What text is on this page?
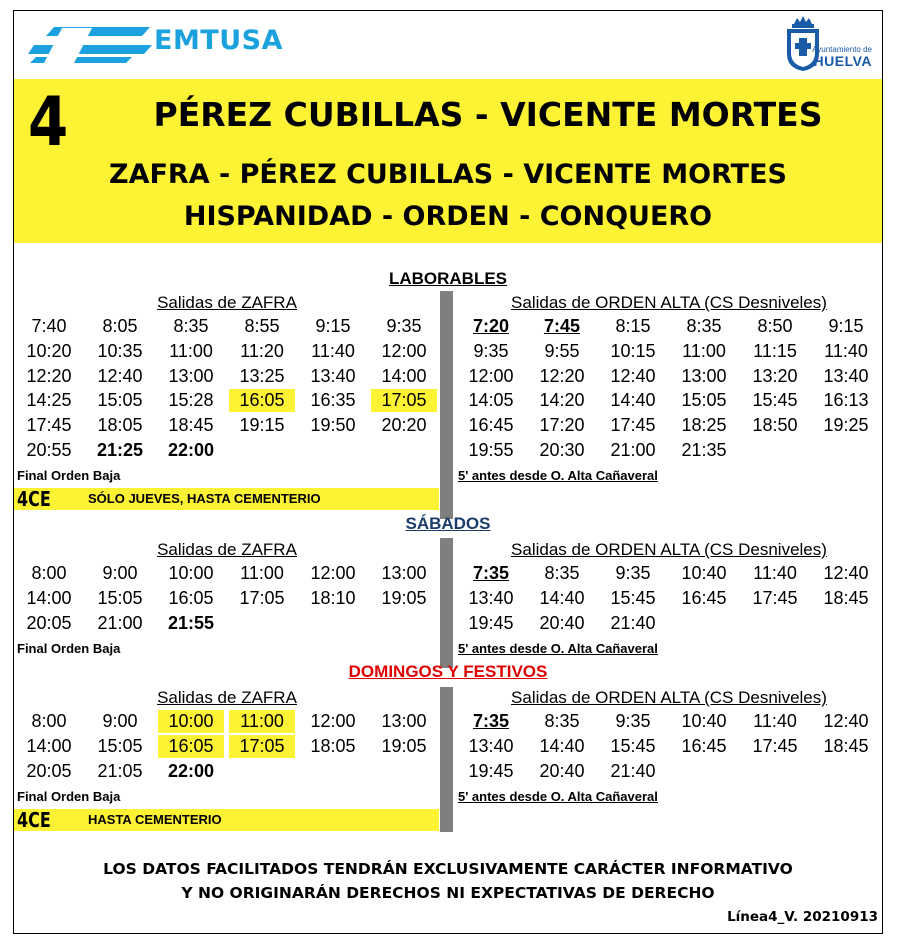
EMTUSA	Ayuntamiento de
HUELVA
4	PÉREZ CUBILLAS - VICENTE MORTES
ZAFRA - PÉREZ CUBILLAS - VICENTE MORTES
HISPANIDAD - ORDEN - CONQUERO
LABORABLES
Salidas de ZAFRA	Salidas de ORDEN ALTA (CS Desniveles)
7:40	8:05	8:35	8:55	9:15	9:35
10:20	10:35	11:00	11:20	11:40	12:00
12:20	12:40	13:00	13:25	13:40	14:00
14:25	15:05	15:28	16:05	16:35	17:05
17:45	18:05	18:45	19:15	19:50	20:20
20:55	21:25	22:00
7:20	7:45	8:15	8:35	8:50	9:15
9:35	9:55	10:15	11:00	11:15	11:40
12:00	12:20	12:40	13:00	13:20	13:40
14:05	14:20	14:40	15:05	15:45	16:13
16:45	17:20	17:45	18:25	18:50	19:25
19:55	20:30	21:00	21:35
Final Orden Baja	5' antes desde O. Alta Cañaveral
4CE	SÓLO JUEVES, HASTA CEMENTERIO
SÁBADOS
Salidas de ZAFRA	Salidas de ORDEN ALTA (CS Desniveles)
8:00	9:00	10:00	11:00	12:00	13:00
14:00	15:05	16:05	17:05	18:10	19:05
20:05	21:00	21:55
7:35	8:35	9:35	10:40	11:40	12:40
13:40	14:40	15:45	16:45	17:45	18:45
19:45	20:40	21:40
Final Orden Baja	5' antes desde O. Alta Cañaveral
DOMINGOS Y FESTIVOS
Salidas de ZAFRA	Salidas de ORDEN ALTA (CS Desniveles)
8:00	9:00	10:00	11:00	12:00	13:00
14:00	15:05	16:05	17:05	18:05	19:05
20:05	21:05	22:00
7:35	8:35	9:35	10:40	11:40	12:40
13:40	14:40	15:45	16:45	17:45	18:45
19:45	20:40	21:40
Final Orden Baja	5' antes desde O. Alta Cañaveral
4CE	HASTA CEMENTERIO
LOS DATOS FACILITADOS TENDRÁN EXCLUSIVAMENTE CARÁCTER INFORMATIVO
Y NO ORIGINARÁN DERECHOS NI EXPECTATIVAS DE DERECHO
Línea4_V. 20210913
